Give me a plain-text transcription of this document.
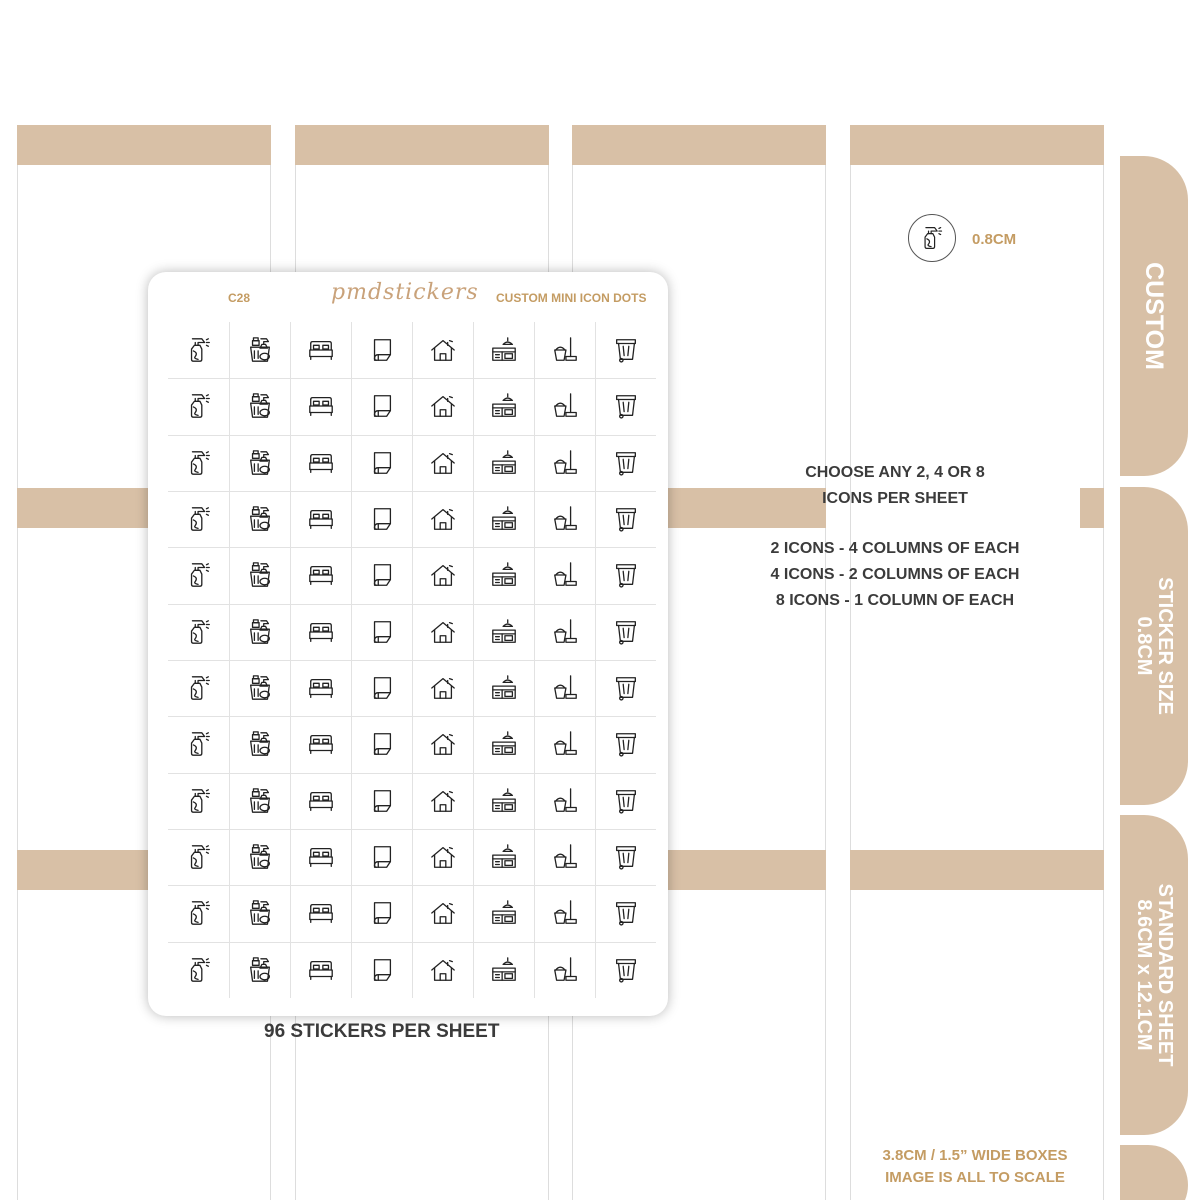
CUSTOM
STICKER SIZE
0.8CM
STANDARD SHEET
8.6CM x 12.1CM
0.8CM
CHOOSE ANY 2, 4 OR 8
ICONS PER SHEET
2 ICONS - 4 COLUMNS OF EACH
4 ICONS - 2 COLUMNS OF EACH
8 ICONS - 1 COLUMN OF EACH
3.8CM / 1.5” WIDE BOXES
IMAGE IS ALL TO SCALE
C28	pmdstickers CUSTOM MINI ICON DOTS
96 STICKERS PER SHEET
